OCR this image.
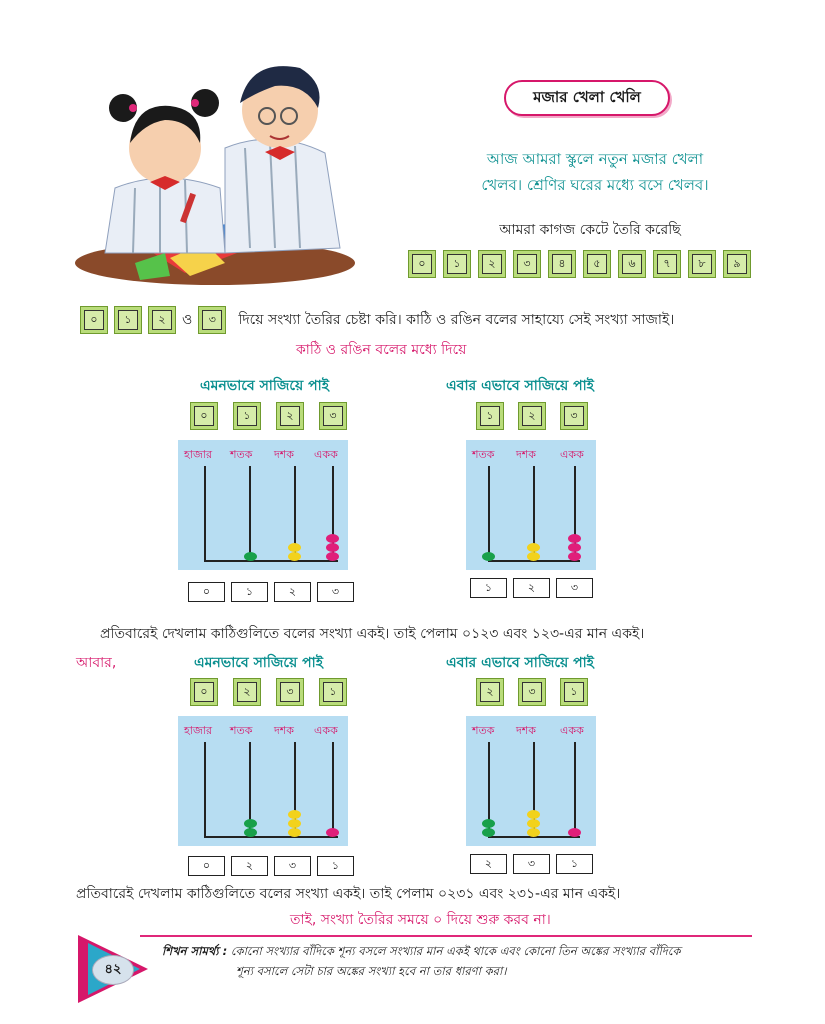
মজার খেলা খেলি
আজ আমরা স্কুলে নতুন মজার খেলা
খেলব। শ্রেণির ঘরের মধ্যে বসে খেলব।
আমরা কাগজ কেটে তৈরি করেছি
০	১	২	৩	৪	৫	৬	৭	৮	৯
০	১	২	ও	৩	দিয়ে সংখ্যা তৈরির চেষ্টা করি। কাঠি ও রঙিন বলের সাহায্যে সেই সংখ্যা সাজাই।
কাঠি ও রঙিন বলের মধ্যে দিয়ে
এমনভাবে সাজিয়ে পাই	এবার এভাবে সাজিয়ে পাই
০	১	২	৩	১	২	৩
হাজার শতক দশক একক	শতক দশক একক
০	১	২	৩	১	২	৩
প্রতিবারেই দেখলাম কাঠিগুলিতে বলের সংখ্যা একই। তাই পেলাম ০১২৩ এবং ১২৩-এর মান একই।
আবার,	এমনভাবে সাজিয়ে পাই	এবার এভাবে সাজিয়ে পাই
০	২	৩	১	২	৩	১
হাজার শতক দশক একক	শতক দশক একক
০	২	৩	১	২	৩	১
প্রতিবারেই দেখলাম কাঠিগুলিতে বলের সংখ্যা একই। তাই পেলাম ০২৩১ এবং ২৩১-এর মান একই।
তাই, সংখ্যা তৈরির সময়ে ০ দিয়ে শুরু করব না।
৪২
শিখন সামর্থ্য : কোনো সংখ্যার বাঁদিকে শূন্য বসলে সংখ্যার মান একই থাকে এবং কোনো তিন অঙ্কের সংখ্যার বাঁদিকে
শূন্য বসালে সেটা চার অঙ্কের সংখ্যা হবে না তার ধারণা করা।
